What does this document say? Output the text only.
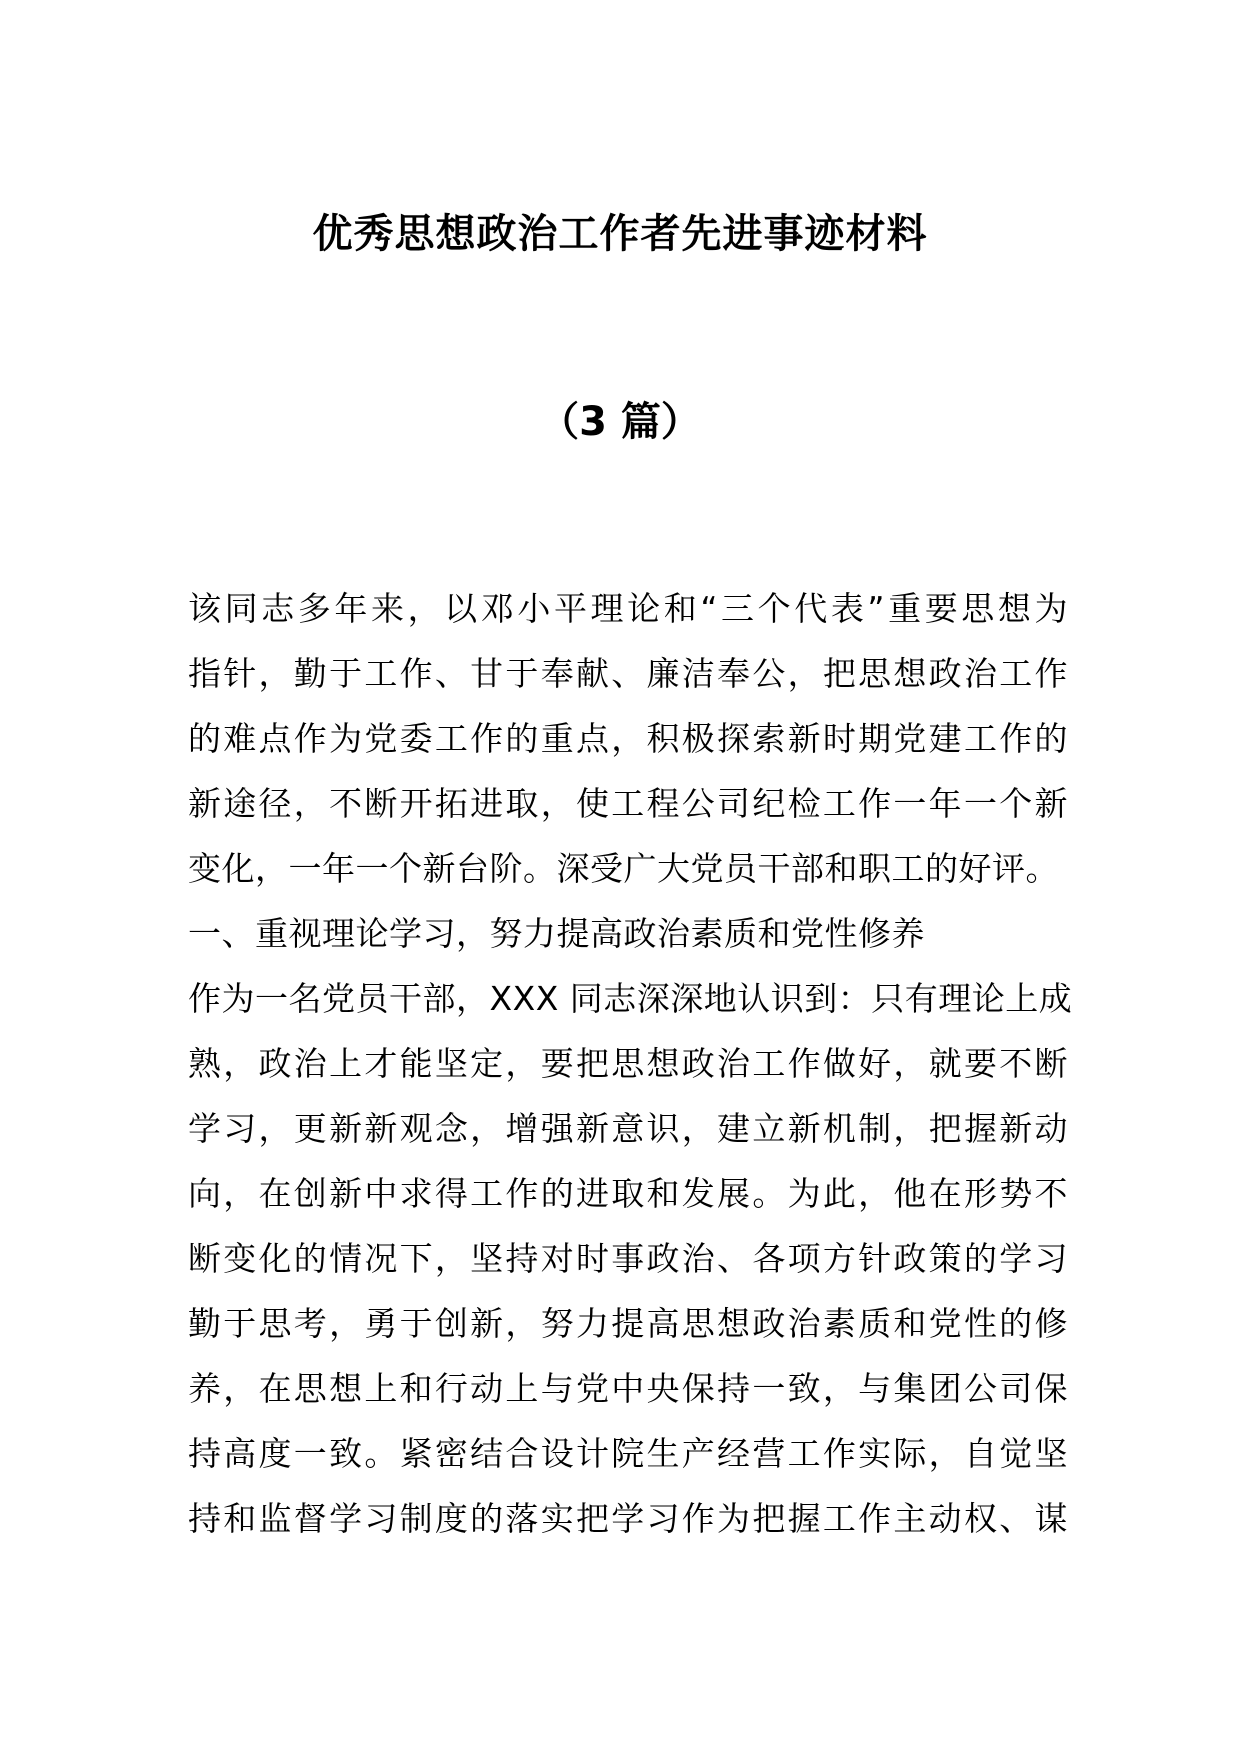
优秀思想政治工作者先进事迹材料
（3 篇）
该同志多年来，以邓小平理论和“三个代表”重要思想为
指针，勤于工作、甘于奉献、廉洁奉公，把思想政治工作
的难点作为党委工作的重点，积极探索新时期党建工作的
新途径，不断开拓进取，使工程公司纪检工作一年一个新
变化，一年一个新台阶。深受广大党员干部和职工的好评。
一、重视理论学习，努力提高政治素质和党性修养
作为一名党员干部，XXX 同志深深地认识到：只有理论上成
熟，政治上才能坚定，要把思想政治工作做好，就要不断
学习，更新新观念，增强新意识，建立新机制，把握新动
向，在创新中求得工作的进取和发展。为此，他在形势不
断变化的情况下，坚持对时事政治、各项方针政策的学习
勤于思考，勇于创新，努力提高思想政治素质和党性的修
养，在思想上和行动上与党中央保持一致，与集团公司保
持高度一致。紧密结合设计院生产经营工作实际，自觉坚
持和监督学习制度的落实把学习作为把握工作主动权、谋
